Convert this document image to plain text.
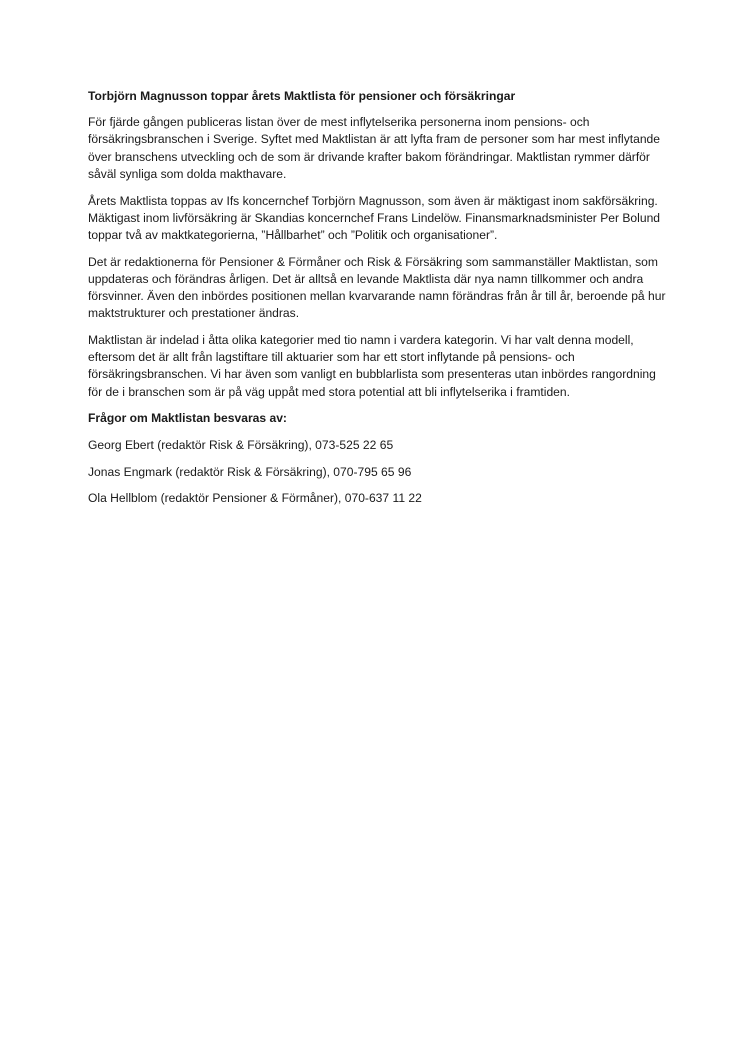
Torbjörn Magnusson toppar årets Maktlista för pensioner och försäkringar

För fjärde gången publiceras listan över de mest inflytelserika personerna inom pensions- och försäkringsbranschen i Sverige. Syftet med Maktlistan är att lyfta fram de personer som har mest inflytande över branschens utveckling och de som är drivande krafter bakom förändringar. Maktlistan rymmer därför såväl synliga som dolda makthavare.

Årets Maktlista toppas av Ifs koncernchef Torbjörn Magnusson, som även är mäktigast inom sakförsäkring. Mäktigast inom livförsäkring är Skandias koncernchef Frans Lindelöw. Finansmarknadsminister Per Bolund toppar två av maktkategorierna, ”Hållbarhet” och ”Politik och organisationer”.

Det är redaktionerna för Pensioner & Förmåner och Risk & Försäkring som sammanställer Maktlistan, som uppdateras och förändras årligen. Det är alltså en levande Maktlista där nya namn tillkommer och andra försvinner. Även den inbördes positionen mellan kvarvarande namn förändras från år till år, beroende på hur maktstrukturer och prestationer ändras.

Maktlistan är indelad i åtta olika kategorier med tio namn i vardera kategorin. Vi har valt denna modell, eftersom det är allt från lagstiftare till aktuarier som har ett stort inflytande på pensions- och försäkringsbranschen. Vi har även som vanligt en bubblarlista som presenteras utan inbördes rangordning för de i branschen som är på väg uppåt med stora potential att bli inflytelserika i framtiden.

Frågor om Maktlistan besvaras av:
Georg Ebert (redaktör Risk & Försäkring), 073-525 22 65
Jonas Engmark (redaktör Risk & Försäkring), 070-795 65 96
Ola Hellblom (redaktör Pensioner & Förmåner), 070-637 11 22
